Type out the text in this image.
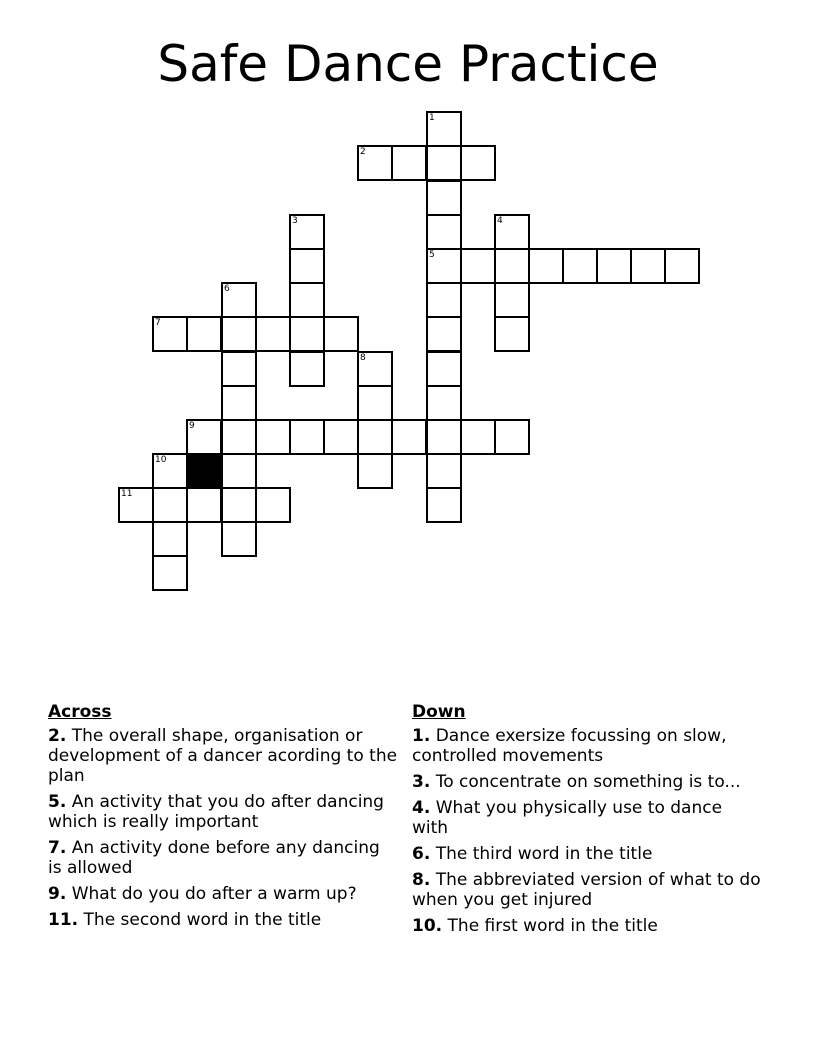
Safe Dance Practice
1
5
2
3	4
6
7
8
9
10
11
Across
2. The overall shape, organisation or development of a dancer acording to the plan
5. An activity that you do after dancing which is really important
7. An activity done before any dancing is allowed
9. What do you do after a warm up?
11. The second word in the title
Down
1. Dance exersize focussing on slow, controlled movements
3. To concentrate on something is to...
4. What you physically use to dance with
6. The third word in the title
8. The abbreviated version of what to do when you get injured
10. The first word in the title
